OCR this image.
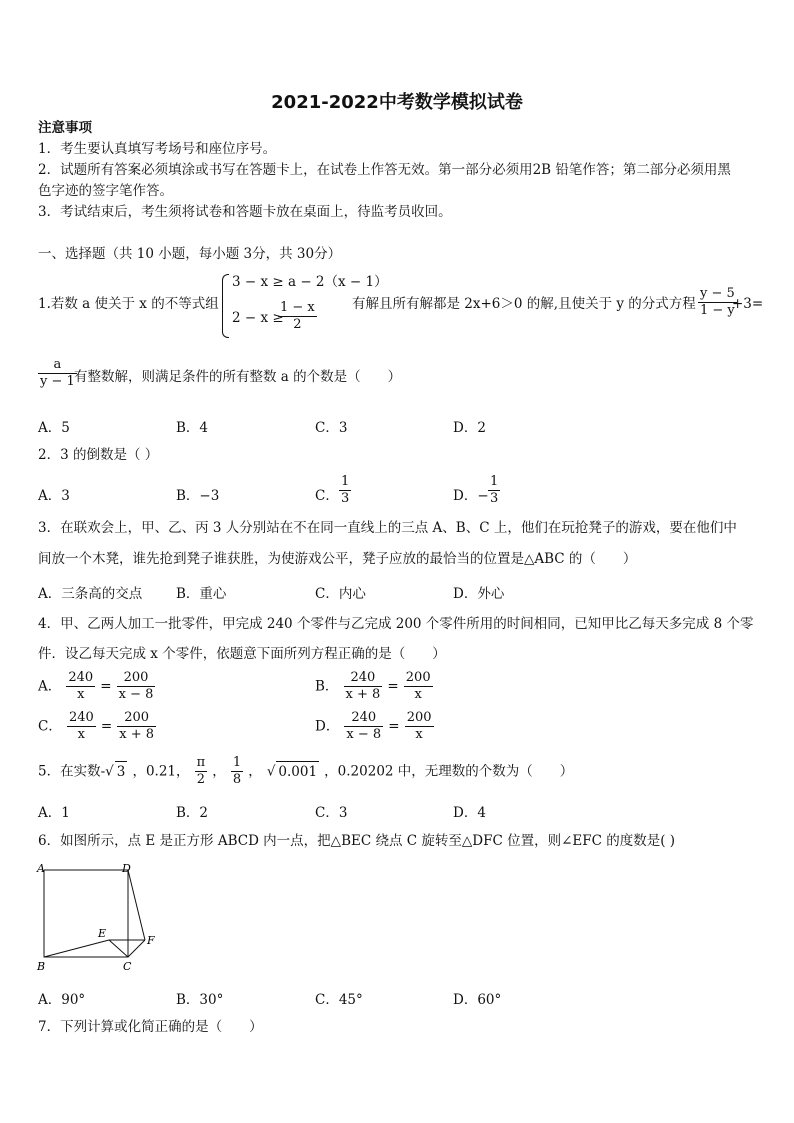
2021-2022中考数学模拟试卷
注意事项
1．考生要认真填写考场号和座位序号。
2．试题所有答案必须填涂或书写在答题卡上，在试卷上作答无效。第一部分必须用2B 铅笔作答；第二部分必须用黑
色字迹的签字笔作答。
3．考试结束后，考生须将试卷和答题卡放在桌面上，待监考员收回。
一、选择题（共 10 小题，每小题 3分，共 30分）
1.若数 a 使关于 x 的不等式组
3 − x ≥ a − 2（x − 1）
2 − x ≥
$\frac{1 - x}{2}$	有解且所有解都是 2x+6＞0 的解,且使关于 y 的分式方程 $\frac{y - 5}{1 - y}$
+3=
$\frac{a}{y - 1}$
有整数解，则满足条件的所有整数 a 的个数是（　　）
A．5	B．4	C．3	D．2
2．3 的倒数是（ ）
A．3	B．−3	C． $\frac{1}{3}$	D．− $\frac{1}{3}$
3．在联欢会上，甲、乙、丙 3 人分别站在不在同一直线上的三点 A、B、C 上，他们在玩抢凳子的游戏，要在他们中
间放一个木凳，谁先抢到凳子谁获胜，为使游戏公平，凳子应放的最恰当的位置是△ABC 的（　　）
A．三条高的交点	B．重心	C．内心	D．外心
4．甲、乙两人加工一批零件，甲完成 240 个零件与乙完成 200 个零件所用的时间相同，已知甲比乙每天多完成 8 个零
件．设乙每天完成 x 个零件，依题意下面所列方程正确的是（　　）
A． $\frac{240}{x} = \frac{200}{x - 8}$	B． $\frac{240}{x + 8} = \frac{200}{x}$
C． $\frac{240}{x} = \frac{200}{x + 8}$	D． $\frac{240}{x - 8} = \frac{200}{x}$
5．在实数-√ 3 ，0.21， $\frac{\pi}{2}$ ， $\frac{1}{8}$ ， √ 0.001 ，0.20202 中，无理数的个数为（　　）
A．1	B．2	C．3	D．4
6．如图所示，点 E 是正方形 ABCD 内一点，把△BEC 绕点 C 旋转至△DFC 位置，则∠EFC 的度数是( )
A	D
E
F
B	C
A．90°	B．30°	C．45°	D．60°
7．下列计算或化简正确的是（　　）
